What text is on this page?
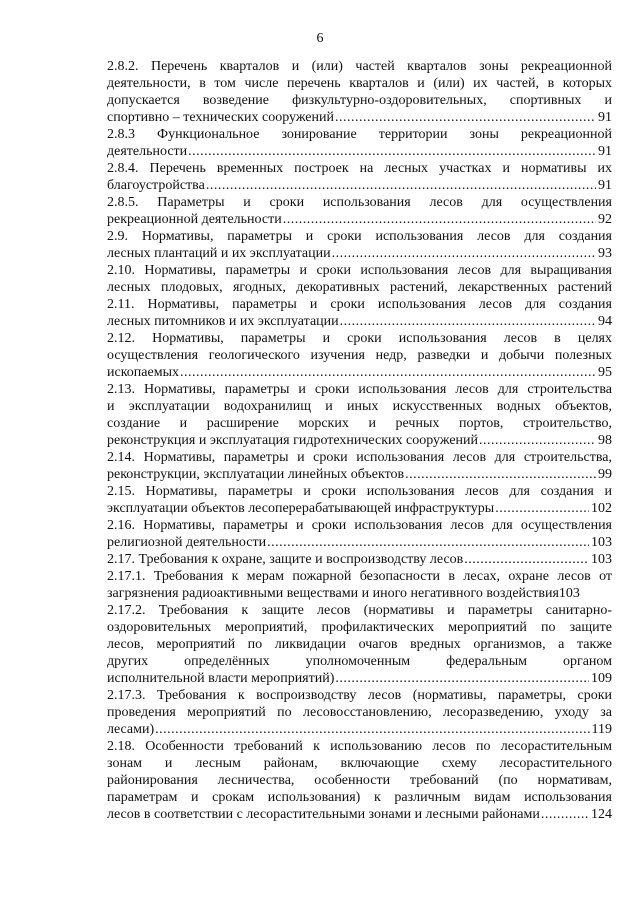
6
2.8.2. Перечень кварталов и (или) частей кварталов зоны рекреационной
деятельности, в том числе перечень кварталов и (или) их частей, в которых
допускается возведение физкультурно-оздоровительных, спортивных и
спортивно – технических сооружений .....	91
2.8.3 Функциональное зонирование территории зоны рекреационной
деятельности .....	91
2.8.4. Перечень временных построек на лесных участках и нормативы их
благоустройства .....	91
2.8.5. Параметры и сроки использования лесов для осуществления
рекреационной деятельности .....	92
2.9. Нормативы, параметры и сроки использования лесов для создания
лесных плантаций и их эксплуатации .....	93
2.10. Нормативы, параметры и сроки использования лесов для выращивания
лесных плодовых, ягодных, декоративных растений, лекарственных растений
2.11. Нормативы, параметры и сроки использования лесов для создания
лесных питомников и их эксплуатации .....	94
2.12. Нормативы, параметры и сроки использования лесов в целях
осуществления геологического изучения недр, разведки и добычи полезных
ископаемых .....	95
2.13. Нормативы, параметры и сроки использования лесов для строительства
и эксплуатации водохранилищ и иных искусственных водных объектов,
создание и расширение морских и речных портов, строительство,
реконструкция и эксплуатация гидротехнических сооружений .....	98
2.14. Нормативы, параметры и сроки использования лесов для строительства,
реконструкции, эксплуатации линейных объектов .....	99
2.15. Нормативы, параметры и сроки использования лесов для создания и
эксплуатации объектов лесоперерабатывающей инфраструктуры .....	102
2.16. Нормативы, параметры и сроки использования лесов для осуществления
религиозной деятельности .....	103
2.17. Требования к охране, защите и воспроизводству лесов .....	103
2.17.1. Требования к мерам пожарной безопасности в лесах, охране лесов от
загрязнения радиоактивными веществами и иного негативного воздействия 103
2.17.2. Требования к защите лесов (нормативы и параметры санитарно-
оздоровительных мероприятий, профилактических мероприятий по защите
лесов, мероприятий по ликвидации очагов вредных организмов, а также
других определённых уполномоченным федеральным органом
исполнительной власти мероприятий) .....	109
2.17.3. Требования к воспроизводству лесов (нормативы, параметры, сроки
проведения мероприятий по лесовосстановлению, лесоразведению, уходу за
лесами) .....	119
2.18. Особенности требований к использованию лесов по лесорастительным
зонам и лесным районам, включающие схему лесорастительного
районирования лесничества, особенности требований (по нормативам,
параметрам и срокам использования) к различным видам использования
лесов в соответствии с лесорастительными зонами и лесными районами .....	124
